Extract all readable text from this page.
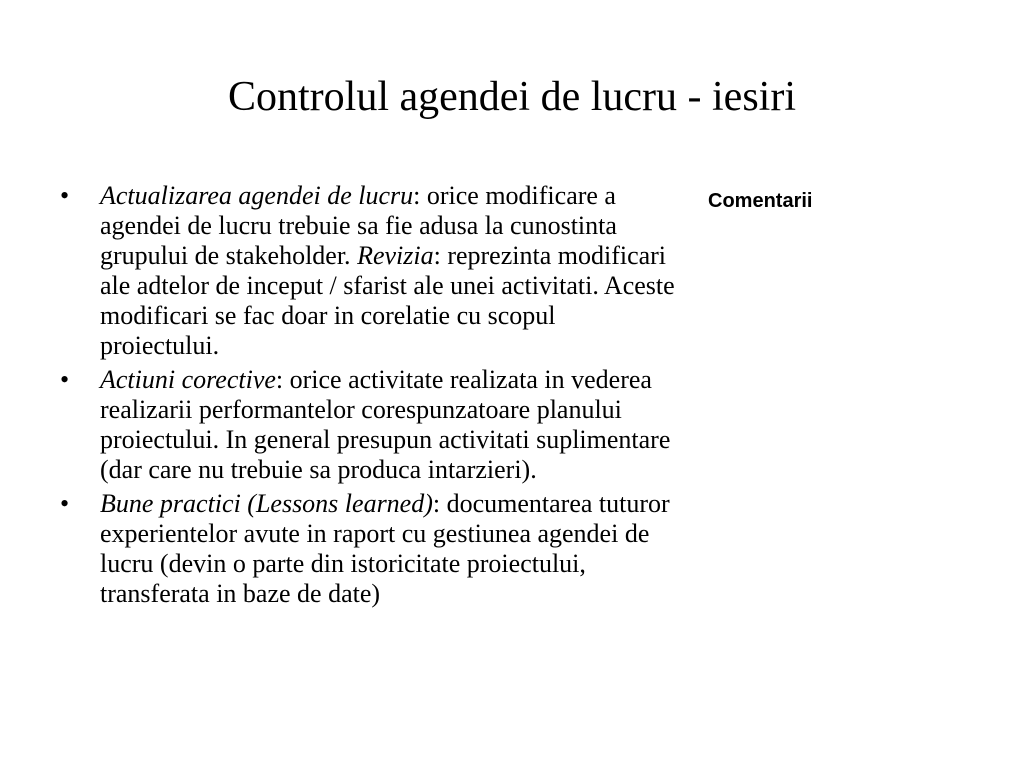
Controlul agendei de lucru - iesiri
•	Actualizarea agendei de lucru: orice modificare a agendei de lucru trebuie sa fie adusa la cunostinta grupului de stakeholder. Revizia: reprezinta modificari ale adtelor de inceput / sfarist ale unei activitati. Aceste modificari se fac doar in corelatie cu scopul proiectului.
•	Actiuni corective: orice activitate realizata in vederea realizarii performantelor corespunzatoare planului proiectului. In general presupun activitati suplimentare (dar care nu trebuie sa produca intarzieri).
•	Bune practici (Lessons learned): documentarea tuturor experientelor avute in raport cu gestiunea agendei de lucru (devin o parte din istoricitate proiectului, transferata in baze de date)
Comentarii
